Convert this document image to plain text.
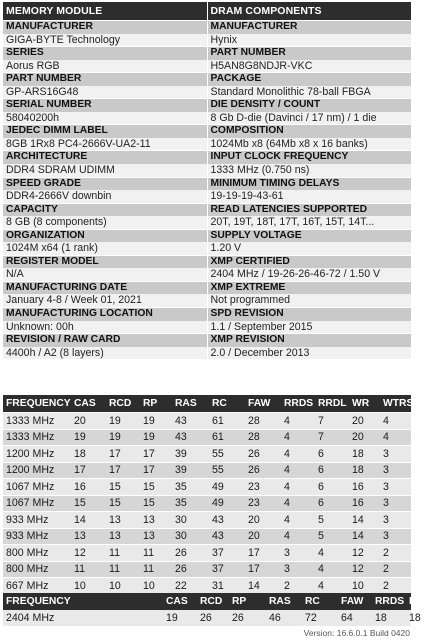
MEMORY MODULE
MANUFACTURER
GIGA-BYTE Technology
SERIES
Aorus RGB
PART NUMBER
GP-ARS16G48
SERIAL NUMBER
58040200h
JEDEC DIMM LABEL
8GB 1Rx8 PC4-2666V-UA2-11
ARCHITECTURE
DDR4 SDRAM UDIMM
SPEED GRADE
DDR4-2666V downbin
CAPACITY
8 GB (8 components)
ORGANIZATION
1024M x64 (1 rank)
REGISTER MODEL
N/A
MANUFACTURING DATE
January 4-8 / Week 01, 2021
MANUFACTURING LOCATION
Unknown: 00h
REVISION / RAW CARD
4400h / A2 (8 layers)
DRAM COMPONENTS
MANUFACTURER
Hynix
PART NUMBER
H5AN8G8NDJR-VKC
PACKAGE
Standard Monolithic 78-ball FBGA
DIE DENSITY / COUNT
8 Gb D-die (Davinci / 17 nm) / 1 die
COMPOSITION
1024Mb x8 (64Mb x8 x 16 banks)
INPUT CLOCK FREQUENCY
1333 MHz (0.750 ns)
MINIMUM TIMING DELAYS
19-19-19-43-61
READ LATENCIES SUPPORTED
20T, 19T, 18T, 17T, 16T, 15T, 14T...
SUPPLY VOLTAGE
1.20 V
XMP CERTIFIED
2404 MHz / 19-26-26-46-72 / 1.50 V
XMP EXTREME
Not programmed
SPD REVISION
1.1 / September 2015
XMP REVISION
2.0 / December 2013
FREQUENCY	CAS	RCD	RP	RAS	RC	FAW	RRDS	RRDL	WR	WTRS
1333 MHz	20	19	19	43	61	28	4	7	20	4
1333 MHz	19	19	19	43	61	28	4	7	20	4
1200 MHz	18	17	17	39	55	26	4	6	18	3
1200 MHz	17	17	17	39	55	26	4	6	18	3
1067 MHz	16	15	15	35	49	23	4	6	16	3
1067 MHz	15	15	15	35	49	23	4	6	16	3
933 MHz	14	13	13	30	43	20	4	5	14	3
933 MHz	13	13	13	30	43	20	4	5	14	3
800 MHz	12	11	11	26	37	17	3	4	12	2
800 MHz	11	11	11	26	37	17	3	4	12	2
667 MHz	10	10	10	22	31	14	2	4	10	2
FREQUENCY		CAS	RCD	RP	RAS	RC	FAW	RRDS	RRDL
2404 MHz		19	26	26	46	72	64	18	18
Version: 16.6.0.1 Build 0420
